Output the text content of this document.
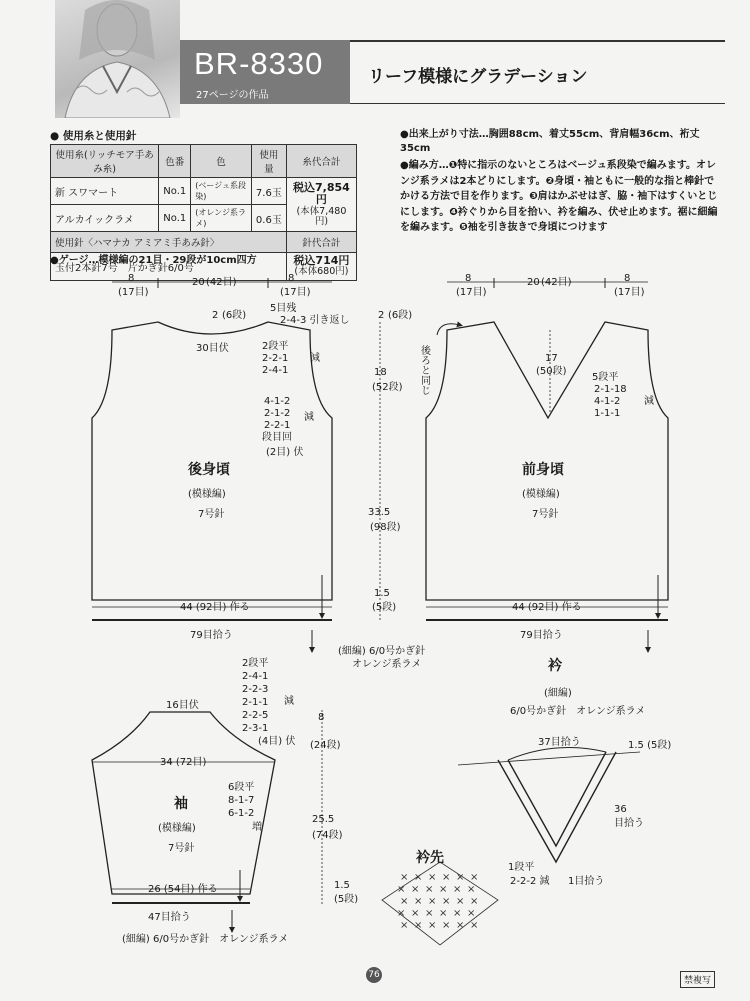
BR-8330
27ページの作品
リーフ模様にグラデーション
● 使用糸と使用針
使用糸(リッチモア手あみ糸)	色番	色	使用量	糸代合計
新 スワマート	No.1	(ベージュ系段染)	7.6玉	税込7,854円
(本体7,480円)
アルカイックラメ	No.1	(オレンジ系ラメ)	0.6玉	
使用針〈ハマナカ アミアミ手あみ針〉				針代合計
玉付2本針7号　片かぎ針6/0号				税込714円
(本体680円)
●ゲージ…模様編の21目・29段が10cm四方
●出来上がり寸法…胸囲88cm、着丈55cm、背肩幅36cm、裄丈35cm
●編み方…❶特に指示のないところはベージュ系段染で編みます。オレンジ系ラメは2本どりにします。❷身頃・袖ともに一般的な指と棒針でかける方法で目を作ります。❸肩はかぶせはぎ、脇・袖下はすくいとじにします。❹衿ぐりから目を拾い、衿を編み、伏せ止めます。裾に細編を編みます。❺袖を引き抜きで身頃につけます
8
(17目)
20 (42目)	8
(17目)
2 (6段)
5目残
2-4-3 引き返し
30目伏	2段平
2-2-1
2-4-1
減
4-1-2
2-1-2
2-2-1
段目回
(2目) 伏
減
後身頃
(模様編)
7号針
44 (92目) 作る
79目拾う
2 (6段)
18
(52段)
33.5
(98段)
1.5
(5段)
8
(17目)
20 (42目)	8
(17目)
後ろと同じ	17
(50段)
5段平
2-1-18
4-1-2
1-1-1
減
前身頃
(模様編)
7号針
44 (92目) 作る
79目拾う
(細編) 6/0号かぎ針
オレンジ系ラメ
16目伏
2段平
2-4-1
2-2-3
2-1-1
2-2-5
2-3-1
(4目) 伏
減
34 (72目)
6段平
8-1-7
6-1-2
増
袖
(模様編)
7号針
26 (54目) 作る
47目拾う
(細編) 6/0号かぎ針　オレンジ系ラメ
8
(24段)
25.5
(74段)
1.5
(5段)
衿
(細編)
6/0号かぎ針　オレンジ系ラメ
37目拾う	1.5 (5段)
36
目拾う
1段平
2-2-2 減 1目拾う
衿先
× × × × × ×
× × × × × ×
× × × × × ×
× × × × × ×
× × × × × ×
76
禁複写
